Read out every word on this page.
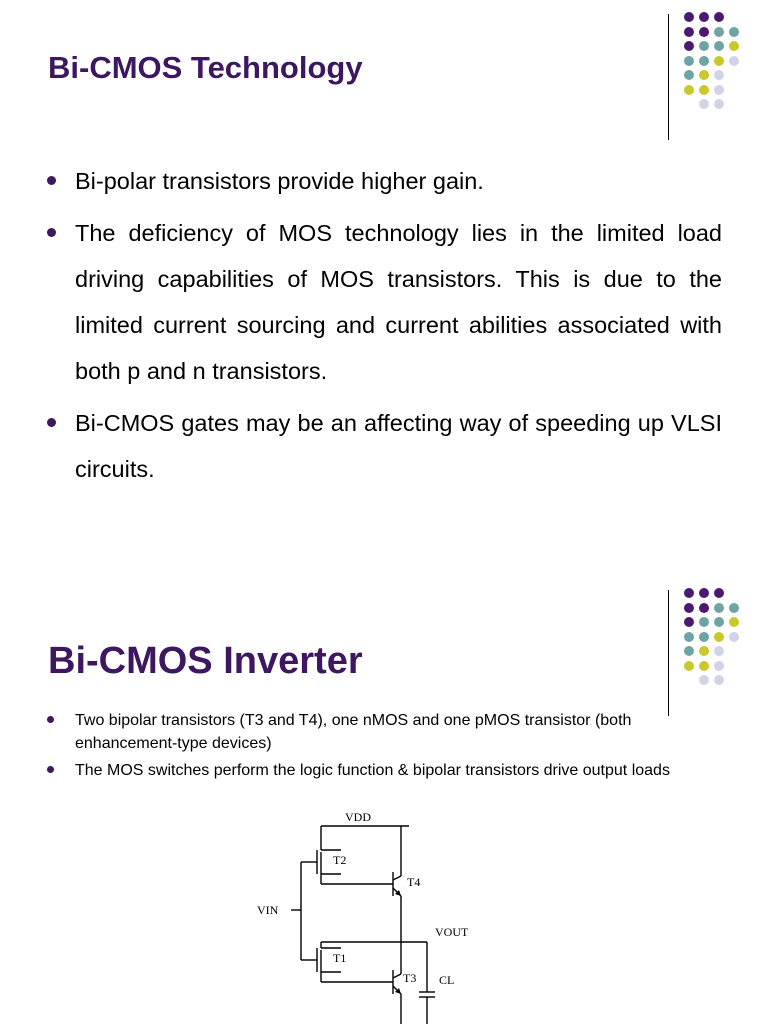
Bi-CMOS Technology
Bi-polar transistors provide higher gain.
The deficiency of MOS technology lies in the limited load driving capabilities of MOS transistors. This is due to the limited current sourcing and current abilities associated with both p and n transistors.
Bi-CMOS gates may be an affecting way of speeding up VLSI circuits.
Bi-CMOS Inverter
Two bipolar transistors (T3 and T4), one nMOS and one pMOS transistor (both enhancement-type devices)
The MOS switches perform the logic function & bipolar transistors drive output loads
VDD
VIN
VOUT
T2
T4
T1
T3 CL
